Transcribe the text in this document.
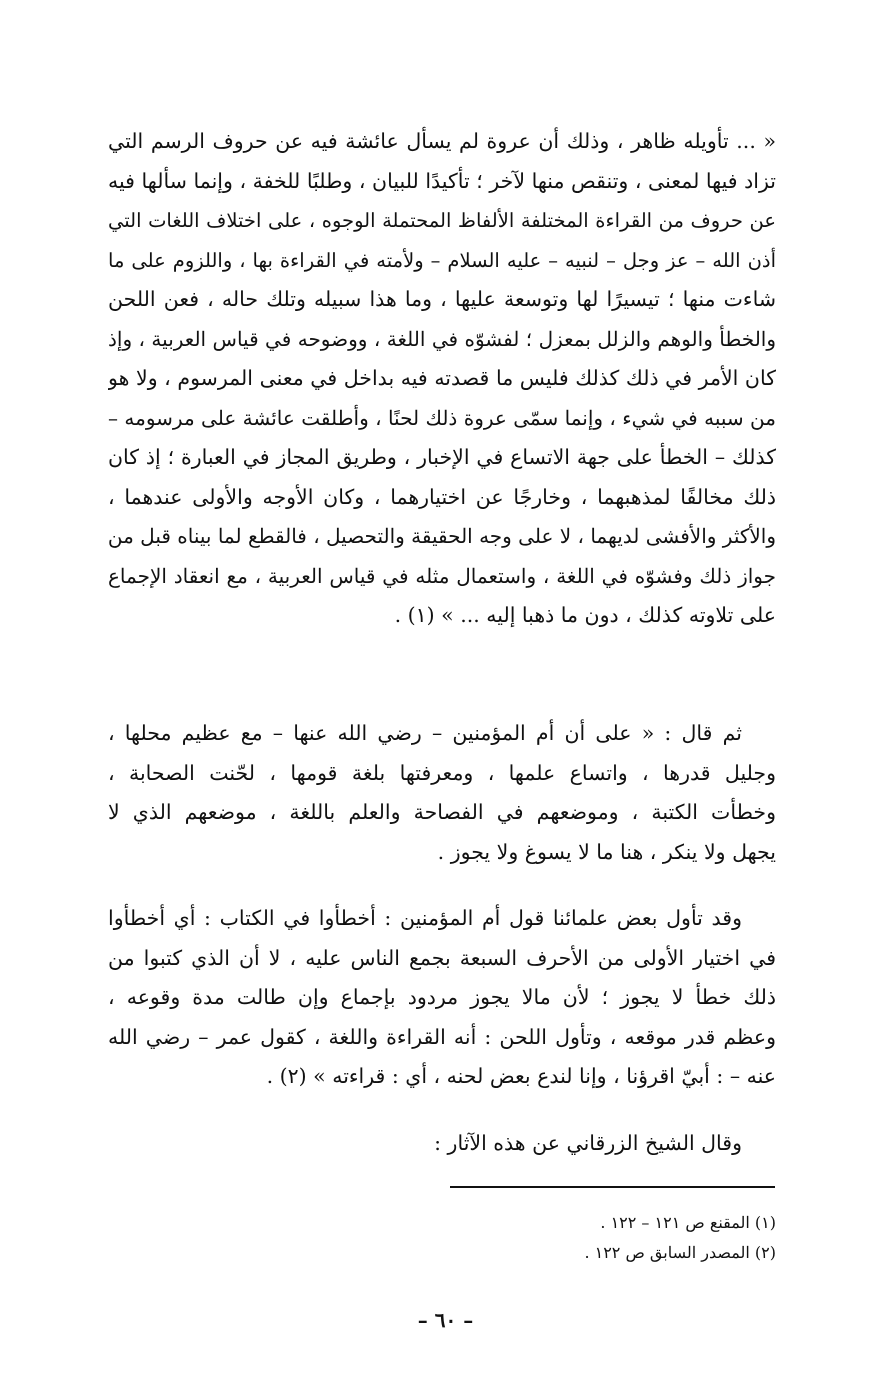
« ... تأويله ظاهر ، وذلك أن عروة لم يسأل عائشة فيه عن حروف الرسم التي
تزاد فيها لمعنى ، وتنقص منها لآخر ؛ تأكيدًا للبيان ، وطلبًا للخفة ، وإنما سألها فيه
عن حروف من القراءة المختلفة الألفاظ المحتملة الوجوه ، على اختلاف اللغات التي
أذن الله – عز وجل – لنبيه – عليه السلام – ولأمته في القراءة بها ، واللزوم على ما
شاءت منها ؛ تيسيرًا لها وتوسعة عليها ، وما هذا سبيله وتلك حاله ، فعن اللحن
والخطأ والوهم والزلل بمعزل ؛ لفشوّه في اللغة ، ووضوحه في قياس العربية ، وإذ
كان الأمر في ذلك كذلك فليس ما قصدته فيه بداخل في معنى المرسوم ، ولا هو
من سببه في شيء ، وإنما سمّى عروة ذلك لحنًا ، وأطلقت عائشة على مرسومه –
كذلك – الخطأ على جهة الاتساع في الإخبار ، وطريق المجاز في العبارة ؛ إذ كان
ذلك مخالفًا لمذهبهما ، وخارجًا عن اختيارهما ، وكان الأوجه والأولى عندهما ،
والأكثر والأفشى لديهما ، لا على وجه الحقيقة والتحصيل ، فالقطع لما بيناه قبل من
جواز ذلك وفشوّه في اللغة ، واستعمال مثله في قياس العربية ، مع انعقاد الإجماع
على تلاوته كذلك ، دون ما ذهبا إليه ... » (١) .
ثم قال : « على أن أم المؤمنين – رضي الله عنها – مع عظيم محلها ،
وجليل قدرها ، واتساع علمها ، ومعرفتها بلغة قومها ، لحّنت الصحابة ،
وخطأت الكتبة ، وموضعهم في الفصاحة والعلم باللغة ، موضعهم الذي لا
يجهل ولا ينكر ، هنا ما لا يسوغ ولا يجوز .
وقد تأول بعض علمائنا قول أم المؤمنين : أخطأوا في الكتاب : أي أخطأوا
في اختيار الأولى من الأحرف السبعة بجمع الناس عليه ، لا أن الذي كتبوا من
ذلك خطأ لا يجوز ؛ لأن مالا يجوز مردود بإجماع وإن طالت مدة وقوعه ،
وعظم قدر موقعه ، وتأول اللحن : أنه القراءة واللغة ، كقول عمر – رضي الله
عنه – : أبيّ اقرؤنا ، وإنا لندع بعض لحنه ، أي : قراءته » (٢) .
وقال الشيخ الزرقاني عن هذه الآثار :
(١) المقنع ص ١٢١ – ١٢٢ .
(٢) المصدر السابق ص ١٢٢ .
– ٦٠ –
